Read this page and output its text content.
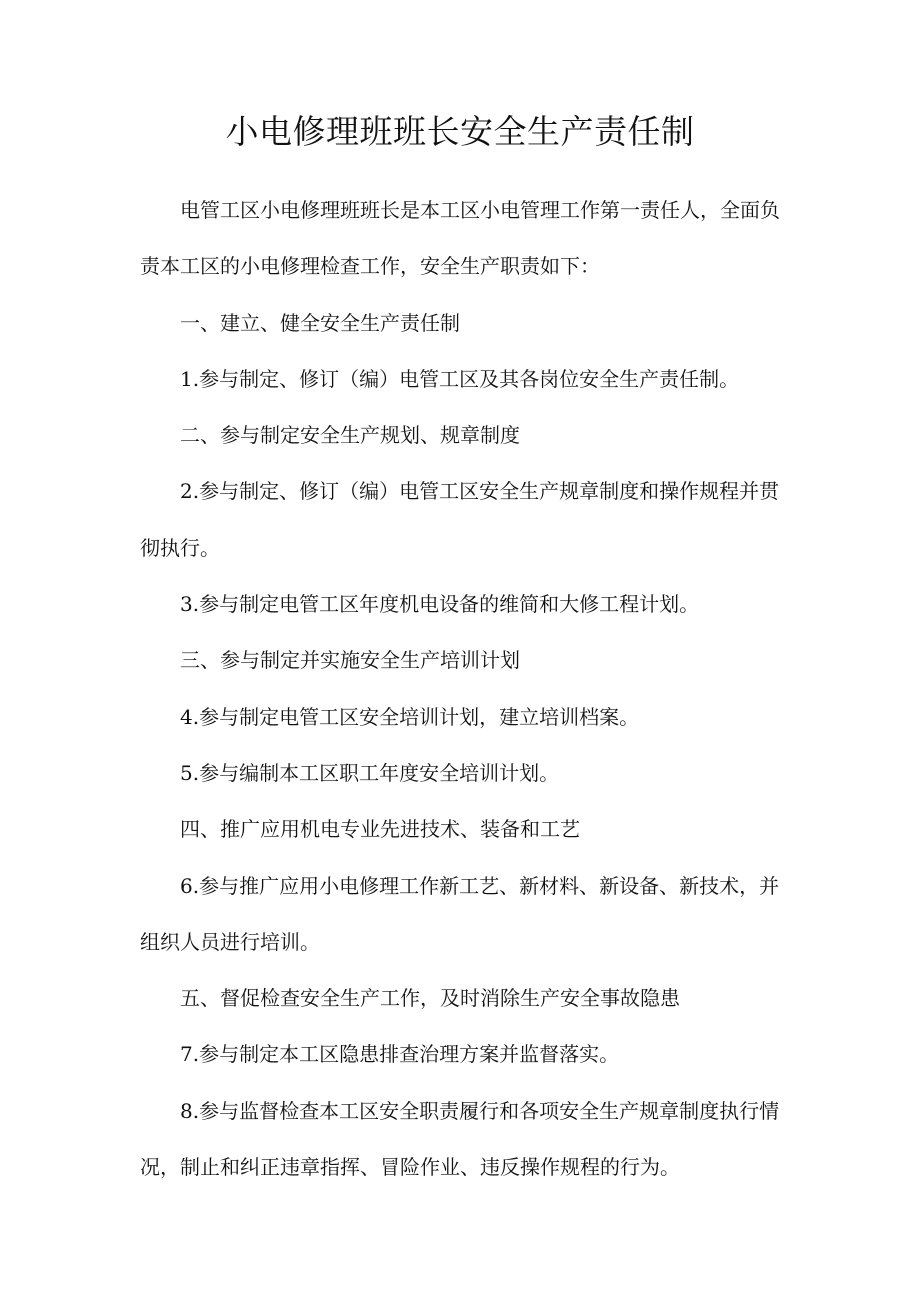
小电修理班班长安全生产责任制

电管工区小电修理班班长是本工区小电管理工作第一责任人，全面负责本工区的小电修理检查工作，安全生产职责如下：

一、建立、健全安全生产责任制

1.参与制定、修订（编）电管工区及其各岗位安全生产责任制。

二、参与制定安全生产规划、规章制度

2.参与制定、修订（编）电管工区安全生产规章制度和操作规程并贯彻执行。

3.参与制定电管工区年度机电设备的维简和大修工程计划。

三、参与制定并实施安全生产培训计划

4.参与制定电管工区安全培训计划，建立培训档案。

5.参与编制本工区职工年度安全培训计划。

四、推广应用机电专业先进技术、装备和工艺

6.参与推广应用小电修理工作新工艺、新材料、新设备、新技术，并组织人员进行培训。

五、督促检查安全生产工作，及时消除生产安全事故隐患

7.参与制定本工区隐患排查治理方案并监督落实。

8.参与监督检查本工区安全职责履行和各项安全生产规章制度执行情况，制止和纠正违章指挥、冒险作业、违反操作规程的行为。
